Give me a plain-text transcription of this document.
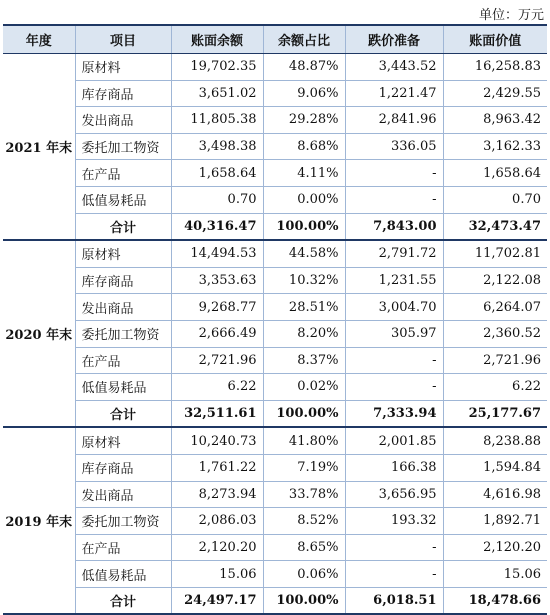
单位：万元
年度	项目	账面余额	余额占比	跌价准备	账面价值
2021 年末	原材料	19,702.35	48.87%	3,443.52	16,258.83
	库存商品	3,651.02	9.06%	1,221.47	2,429.55
	发出商品	11,805.38	29.28%	2,841.96	8,963.42
	委托加工物资	3,498.38	8.68%	336.05	3,162.33
	在产品	1,658.64	4.11%	-	1,658.64
	低值易耗品	0.70	0.00%	-	0.70
	合计	40,316.47	100.00%	7,843.00	32,473.47
2020 年末	原材料	14,494.53	44.58%	2,791.72	11,702.81
	库存商品	3,353.63	10.32%	1,231.55	2,122.08
	发出商品	9,268.77	28.51%	3,004.70	6,264.07
	委托加工物资	2,666.49	8.20%	305.97	2,360.52
	在产品	2,721.96	8.37%	-	2,721.96
	低值易耗品	6.22	0.02%	-	6.22
	合计	32,511.61	100.00%	7,333.94	25,177.67
2019 年末	原材料	10,240.73	41.80%	2,001.85	8,238.88
	库存商品	1,761.22	7.19%	166.38	1,594.84
	发出商品	8,273.94	33.78%	3,656.95	4,616.98
	委托加工物资	2,086.03	8.52%	193.32	1,892.71
	在产品	2,120.20	8.65%	-	2,120.20
	低值易耗品	15.06	0.06%	-	15.06
	合计	24,497.17	100.00%	6,018.51	18,478.66
